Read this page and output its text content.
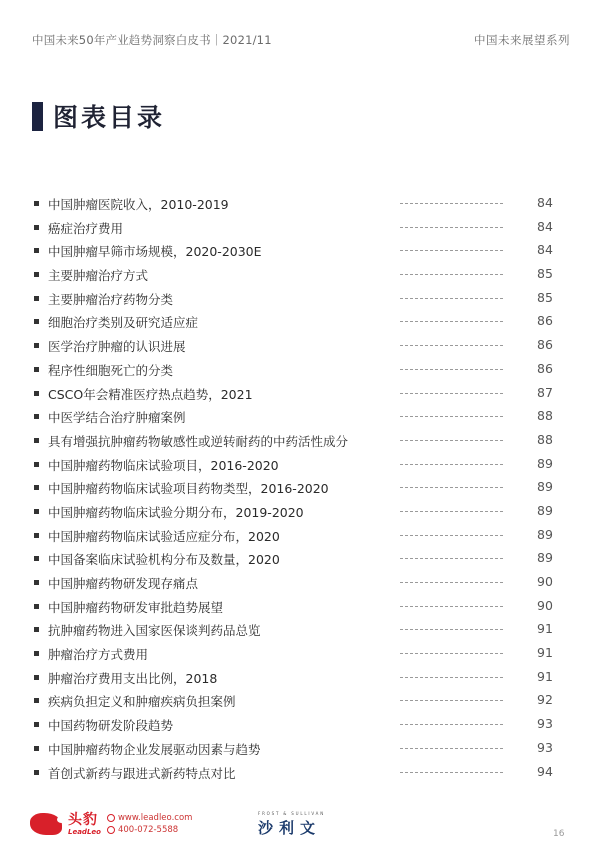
中国未来50年产业趋势洞察白皮书｜2021/11	中国未来展望系列
图表目录
中国肿瘤医院收入，2010-2019	84
癌症治疗费用	84
中国肿瘤早筛市场规模，2020-2030E	84
主要肿瘤治疗方式	85
主要肿瘤治疗药物分类	85
细胞治疗类别及研究适应症	86
医学治疗肿瘤的认识进展	86
程序性细胞死亡的分类	86
CSCO年会精准医疗热点趋势，2021	87
中医学结合治疗肿瘤案例	88
具有增强抗肿瘤药物敏感性或逆转耐药的中药活性成分	88
中国肿瘤药物临床试验项目，2016-2020	89
中国肿瘤药物临床试验项目药物类型，2016-2020	89
中国肿瘤药物临床试验分期分布，2019-2020	89
中国肿瘤药物临床试验适应症分布，2020	89
中国备案临床试验机构分布及数量，2020	89
中国肿瘤药物研发现存痛点	90
中国肿瘤药物研发审批趋势展望	90
抗肿瘤药物进入国家医保谈判药品总览	91
肿瘤治疗方式费用	91
肿瘤治疗费用支出比例，2018	91
疾病负担定义和肿瘤疾病负担案例	92
中国药物研发阶段趋势	93
中国肿瘤药物企业发展驱动因素与趋势	93
首创式新药与跟进式新药特点对比	94
头豹
LeadLeo
www.leadleo.com
400-072-5588
FROST & SULLIVAN
沙利文	16
